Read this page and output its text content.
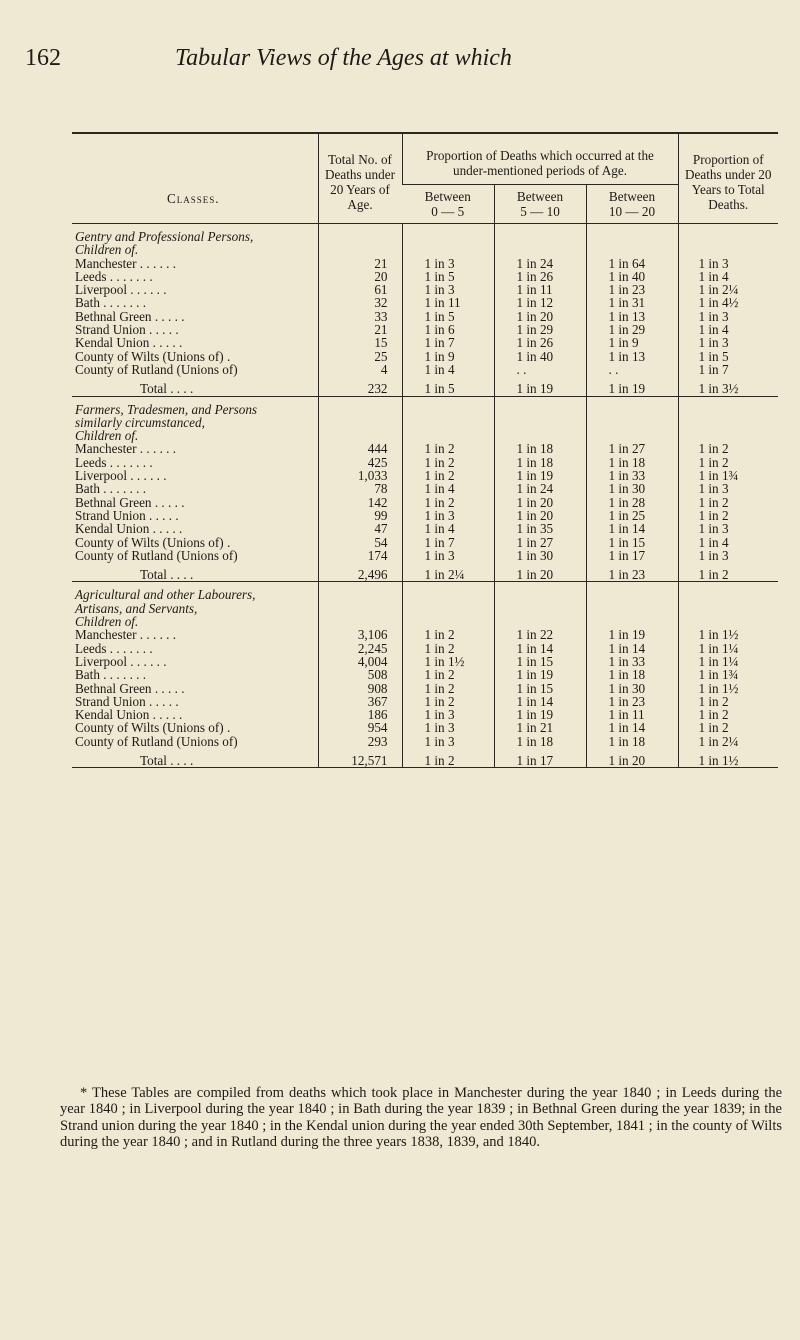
162	Tabular Views of the Ages at which
Classes.	Total No. of Deaths under 20 Years of Age.	Proportion of Deaths which occurred at the under-mentioned periods of Age.			Proportion of Deaths under 20 Years to Total Deaths.
		Between 0 — 5	Between 5 — 10	Between 10 — 20	
Gentry and Professional Persons,					
Children of.					
Manchester . . . . . .	21	1 in 3	1 in 24	1 in 64	1 in 3
Leeds . . . . . . .	20	1 in 5	1 in 26	1 in 40	1 in 4
Liverpool . . . . . .	61	1 in 3	1 in 11	1 in 23	1 in 2¼
Bath . . . . . . .	32	1 in 11	1 in 12	1 in 31	1 in 4½
Bethnal Green . . . . .	33	1 in 5	1 in 20	1 in 13	1 in 3
Strand Union . . . . .	21	1 in 6	1 in 29	1 in 29	1 in 4
Kendal Union . . . . .	15	1 in 7	1 in 26	1 in 9	1 in 3
County of Wilts (Unions of) .	25	1 in 9	1 in 40	1 in 13	1 in 5
County of Rutland (Unions of)	4	1 in 4	. .	. .	1 in 7

Total . . . .	232	1 in 5	1 in 19	1 in 19	1 in 3½
Farmers, Tradesmen, and Persons					
similarly circumstanced,					
Children of.					
Manchester . . . . . .	444	1 in 2	1 in 18	1 in 27	1 in 2
Leeds . . . . . . .	425	1 in 2	1 in 18	1 in 18	1 in 2
Liverpool . . . . . .	1,033	1 in 2	1 in 19	1 in 33	1 in 1¾
Bath . . . . . . .	78	1 in 4	1 in 24	1 in 30	1 in 3
Bethnal Green . . . . .	142	1 in 2	1 in 20	1 in 28	1 in 2
Strand Union . . . . .	99	1 in 3	1 in 20	1 in 25	1 in 2
Kendal Union . . . . .	47	1 in 4	1 in 35	1 in 14	1 in 3
County of Wilts (Unions of) .	54	1 in 7	1 in 27	1 in 15	1 in 4
County of Rutland (Unions of)	174	1 in 3	1 in 30	1 in 17	1 in 3

Total . . . .	2,496	1 in 2¼	1 in 20	1 in 23	1 in 2
Agricultural and other Labourers,					
Artisans, and Servants,					
Children of.					
Manchester . . . . . .	3,106	1 in 2	1 in 22	1 in 19	1 in 1½
Leeds . . . . . . .	2,245	1 in 2	1 in 14	1 in 14	1 in 1¼
Liverpool . . . . . .	4,004	1 in 1½	1 in 15	1 in 33	1 in 1¼
Bath . . . . . . .	508	1 in 2	1 in 19	1 in 18	1 in 1¾
Bethnal Green . . . . .	908	1 in 2	1 in 15	1 in 30	1 in 1½
Strand Union . . . . .	367	1 in 2	1 in 14	1 in 23	1 in 2
Kendal Union . . . . .	186	1 in 3	1 in 19	1 in 11	1 in 2
County of Wilts (Unions of) .	954	1 in 3	1 in 21	1 in 14	1 in 2
County of Rutland (Unions of)	293	1 in 3	1 in 18	1 in 18	1 in 2¼

Total . . . .	12,571	1 in 2	1 in 17	1 in 20	1 in 1½

* These Tables are compiled from deaths which took place in Manchester during the year 1840 ; in Leeds during the year 1840 ; in Liverpool during the year 1840 ; in Bath during the year 1839 ; in Bethnal Green during the year 1839; in the Strand union during the year 1840 ; in the Kendal union during the year ended 30th September, 1841 ; in the county of Wilts during the year 1840 ; and in Rutland during the three years 1838, 1839, and 1840.
